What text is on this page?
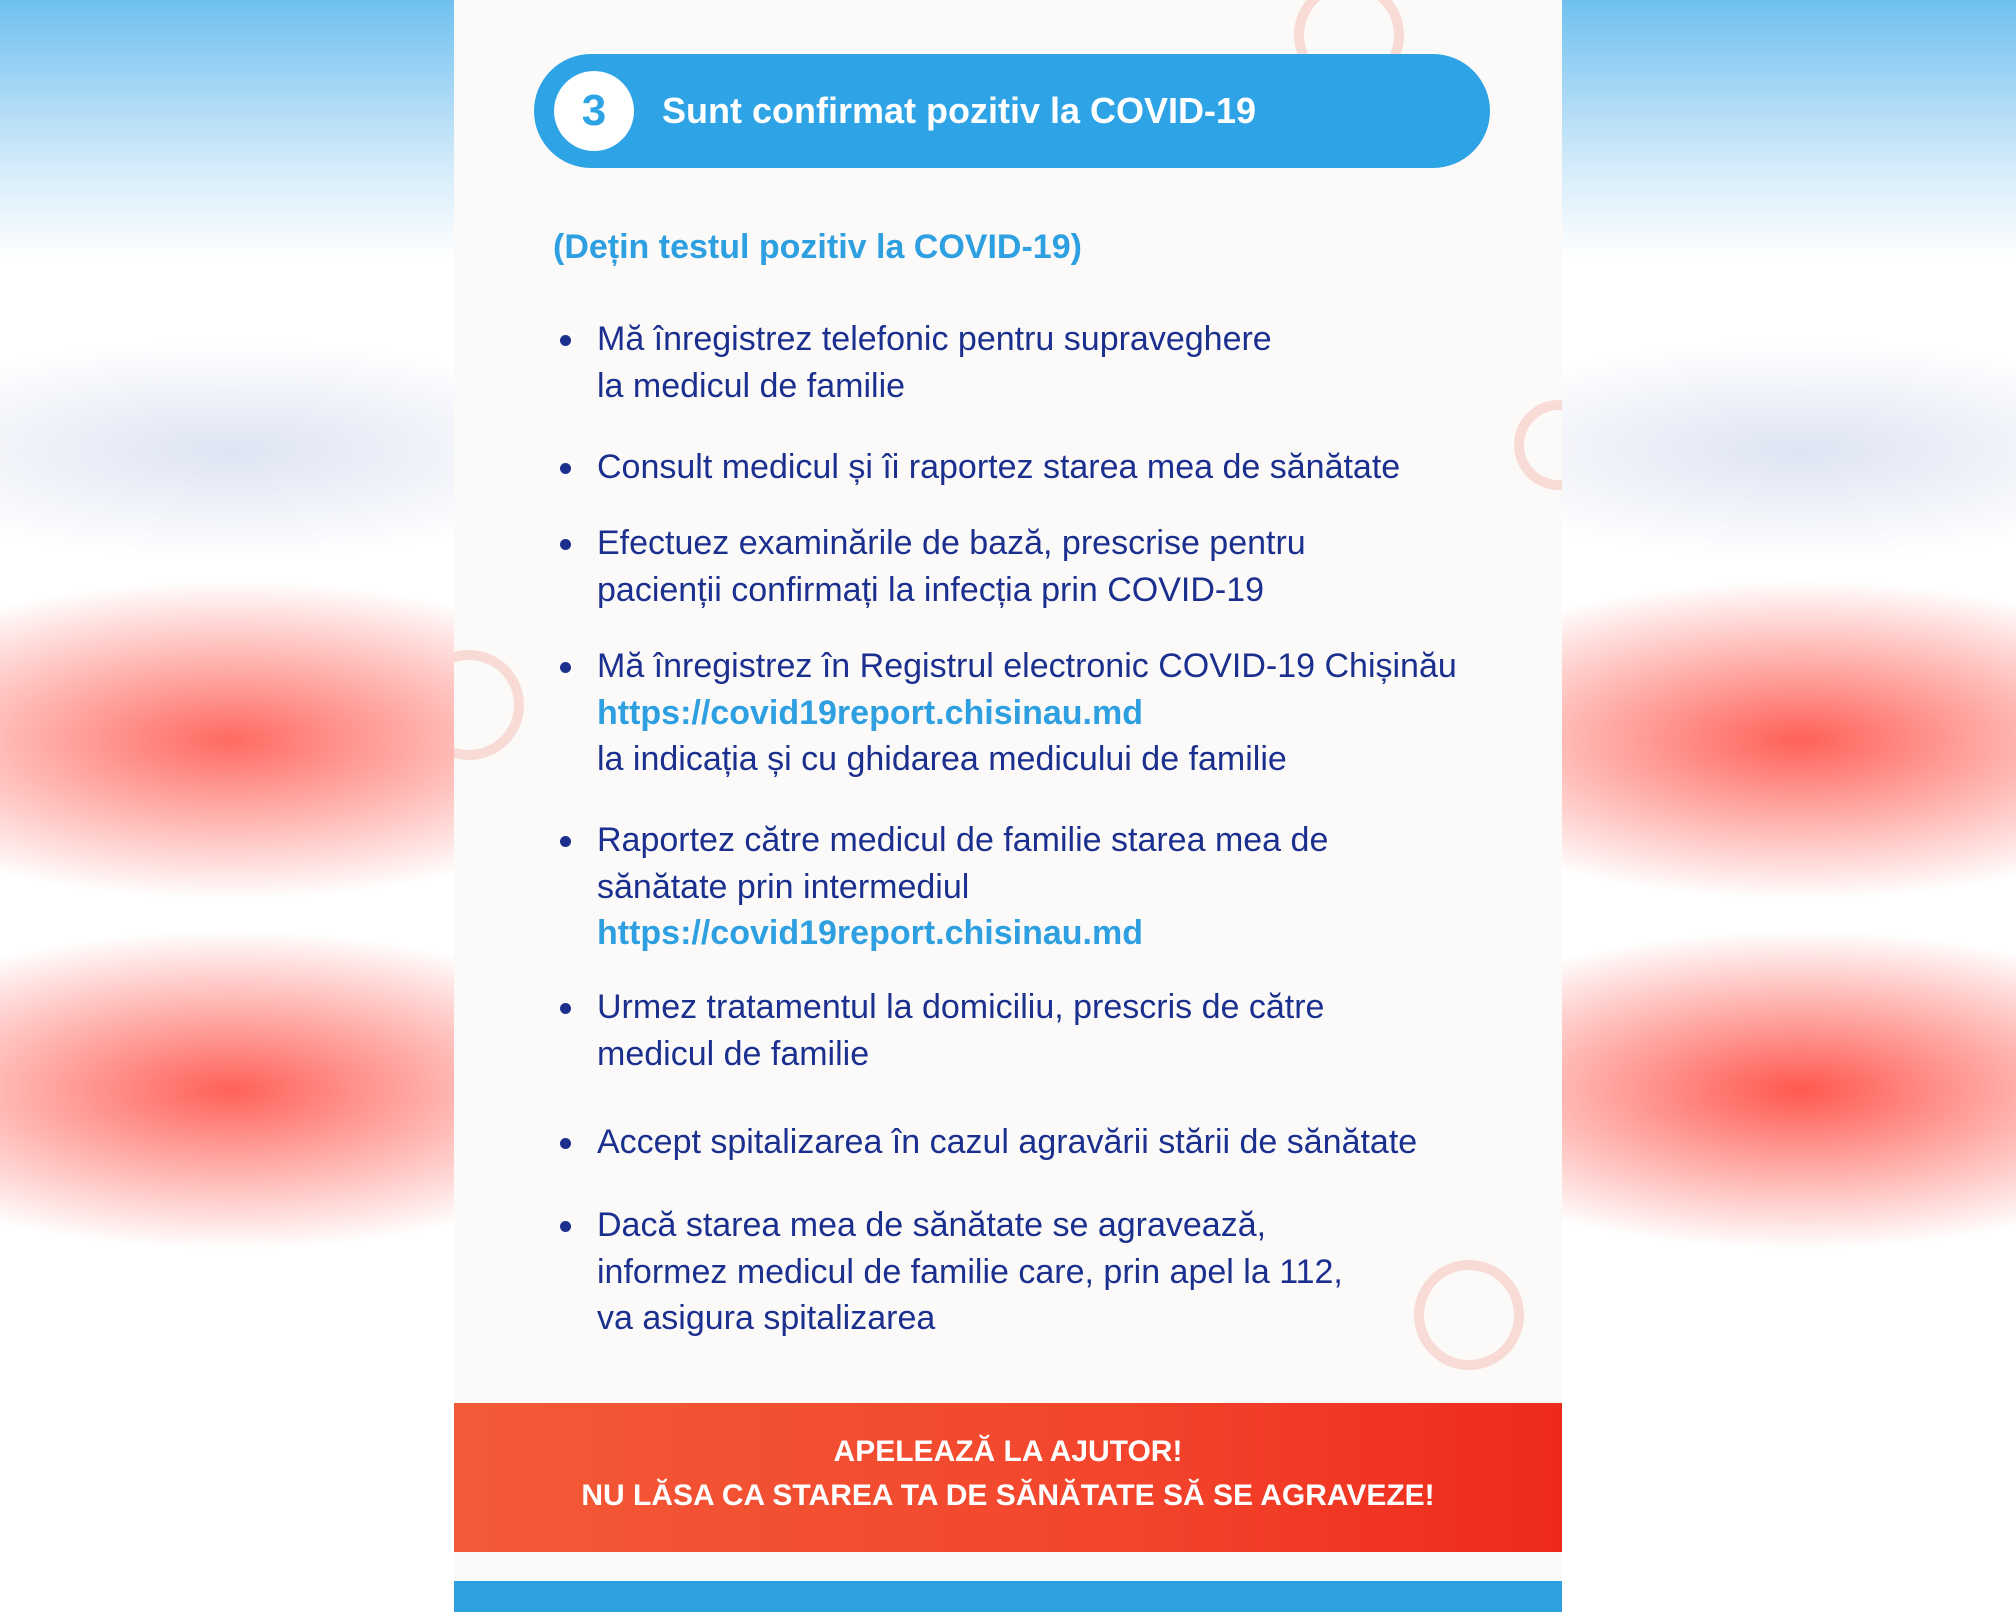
3	Sunt confirmat pozitiv la COVID-19
(Dețin testul pozitiv la COVID-19)
Mă înregistrez telefonic pentru supraveghere
la medicul de familie
Consult medicul și îi raportez starea mea de sănătate
Efectuez examinările de bază, prescrise pentru
pacienții confirmați la infecția prin COVID-19
Mă înregistrez în Registrul electronic COVID-19 Chișinău
https://covid19report.chisinau.md
la indicația și cu ghidarea medicului de familie
Raportez către medicul de familie starea mea de
sănătate prin intermediul
https://covid19report.chisinau.md
Urmez tratamentul la domiciliu, prescris de către
medicul de familie
Accept spitalizarea în cazul agravării stării de sănătate
Dacă starea mea de sănătate se agravează,
informez medicul de familie care, prin apel la 112,
va asigura spitalizarea
APELEAZĂ LA AJUTOR!
NU LĂSA CA STAREA TA DE SĂNĂTATE SĂ SE AGRAVEZE!
